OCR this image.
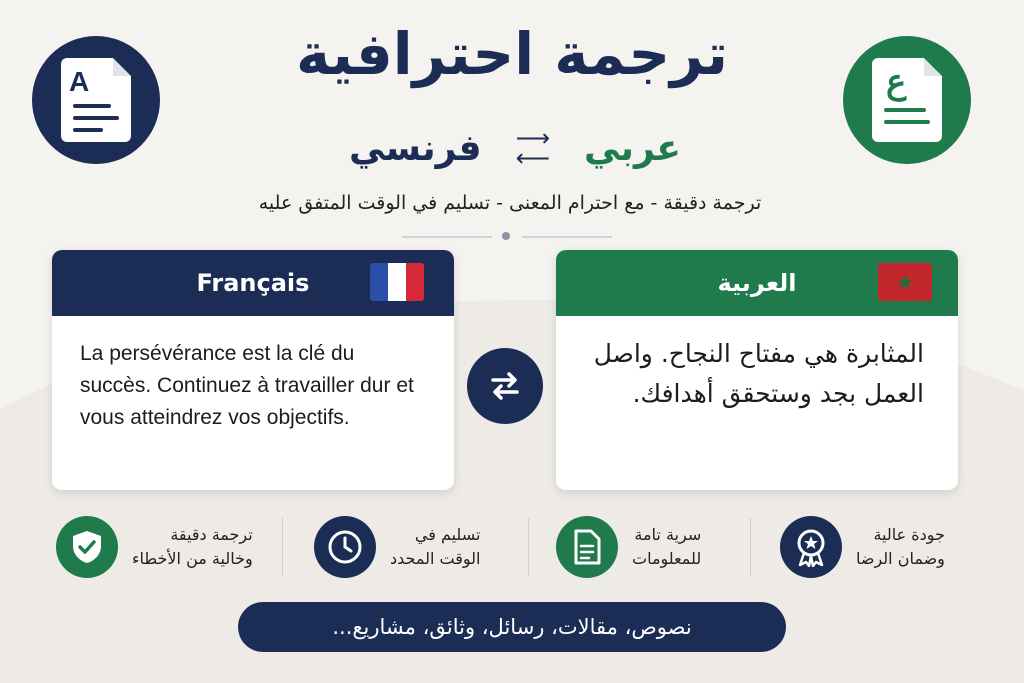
A	ع
ترجمة احترافية
فرنسي ⟶
⟵ عربي
ترجمة دقيقة - مع احترام المعنى - تسليم في الوقت المتفق عليه
Français
La persévérance est la clé du succès. Continuez à travailler dur et vous atteindrez vos objectifs.
العربية	★
المثابرة هي مفتاح النجاح. واصل العمل بجد وستحقق أهدافك.
ترجمة دقيقة
وخالية من الأخطاء
تسليم في
الوقت المحدد
سرية تامة
للمعلومات
جودة عالية
وضمان الرضا
نصوص، مقالات، رسائل، وثائق، مشاريع...
